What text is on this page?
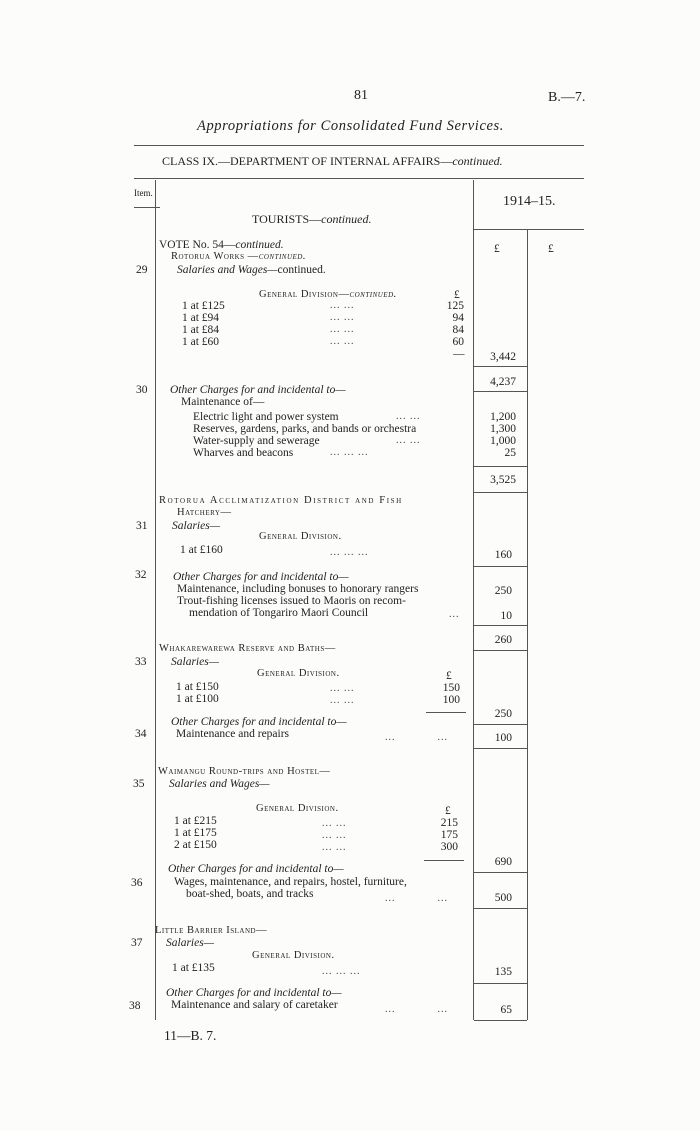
81	B.—7.
Appropriations for Consolidated Fund Services.
CLASS IX.—DEPARTMENT OF INTERNAL AFFAIRS—continued.
Item.
1914–15.
TOURISTS—continued.
£	£
VOTE No. 54—continued.
Rotorua Works —continued.
29	Salaries and Wages—continued.
General Division—continued.	£
1 at £125	... ...	125
1 at £94	... ...	94
1 at £84	... ...	84
1 at £60	... ...	60
—	3,442
4,237
30 Other Charges for and incidental to—
Maintenance of—
Electric light and power system	... ...	1,200
Reserves, gardens, parks, and bands or orchestra	1,300
Water-supply and sewerage	... ...	1,000
Wharves and beacons	... ... ...	25
3,525
Rotorua Acclimatization District and Fish
Hatchery—
31 Salaries—
General Division.
1 at £160	... ... ...	160
32 Other Charges for and incidental to—
Maintenance, including bonuses to honorary rangers	250
Trout-fishing licenses issued to Maoris on recom-
mendation of Tongariro Maori Council	...	10
260
Whakarewarewa Reserve and Baths—
33 Salaries—
General Division.	£
1 at £150	... ...	150
1 at £100	... ...	100
250
Other Charges for and incidental to—
34	Maintenance and repairs	...            ...	100
Waimangu Round-trips and Hostel—
35 Salaries and Wages—
General Division.	£
1 at £215	... ...	215
1 at £175	... ...	175
2 at £150	... ...	300
690
Other Charges for and incidental to—
36	Wages, maintenance, and repairs, hostel, furniture,
boat-shed, boats, and tracks	...            ...	500
Little Barrier Island—
37 Salaries—
General Division.
1 at £135	... ... ...	135
Other Charges for and incidental to—
38	Maintenance and salary of caretaker	...            ...	65
11—B. 7.
